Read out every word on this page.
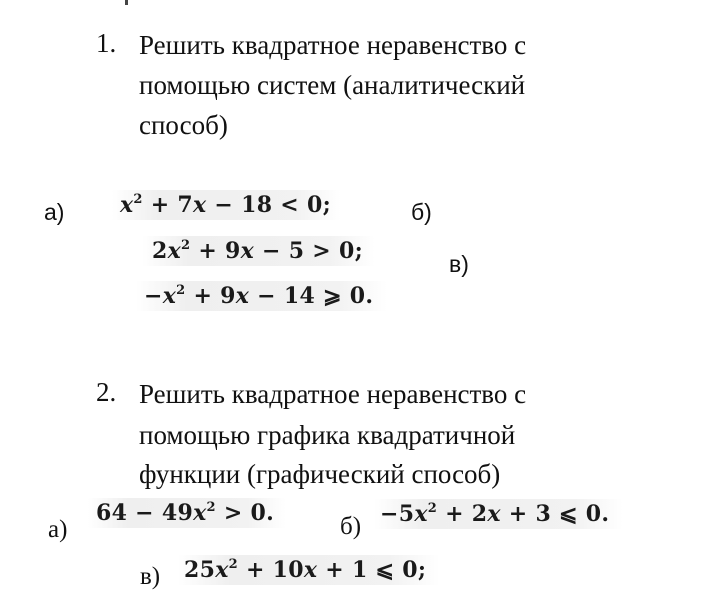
1. Решить квадратное неравенство с
помощью систем (аналитический
способ)
а)	$x^2 + 7x - 18 < 0$;	б)
$2x^2 + 9x - 5 > 0$;	в)
$-x^2 + 9x - 14$ ⩾ 0.
2. Решить квадратное неравенство с
помощью графика квадратичной
функции (графический способ)
а)
$64 - 49x^2 > 0$.	$б) -5x^2 + 2x + 3$ ⩽ 0.
в) $25x^2 + 10x + 1$ ⩽ 0;
